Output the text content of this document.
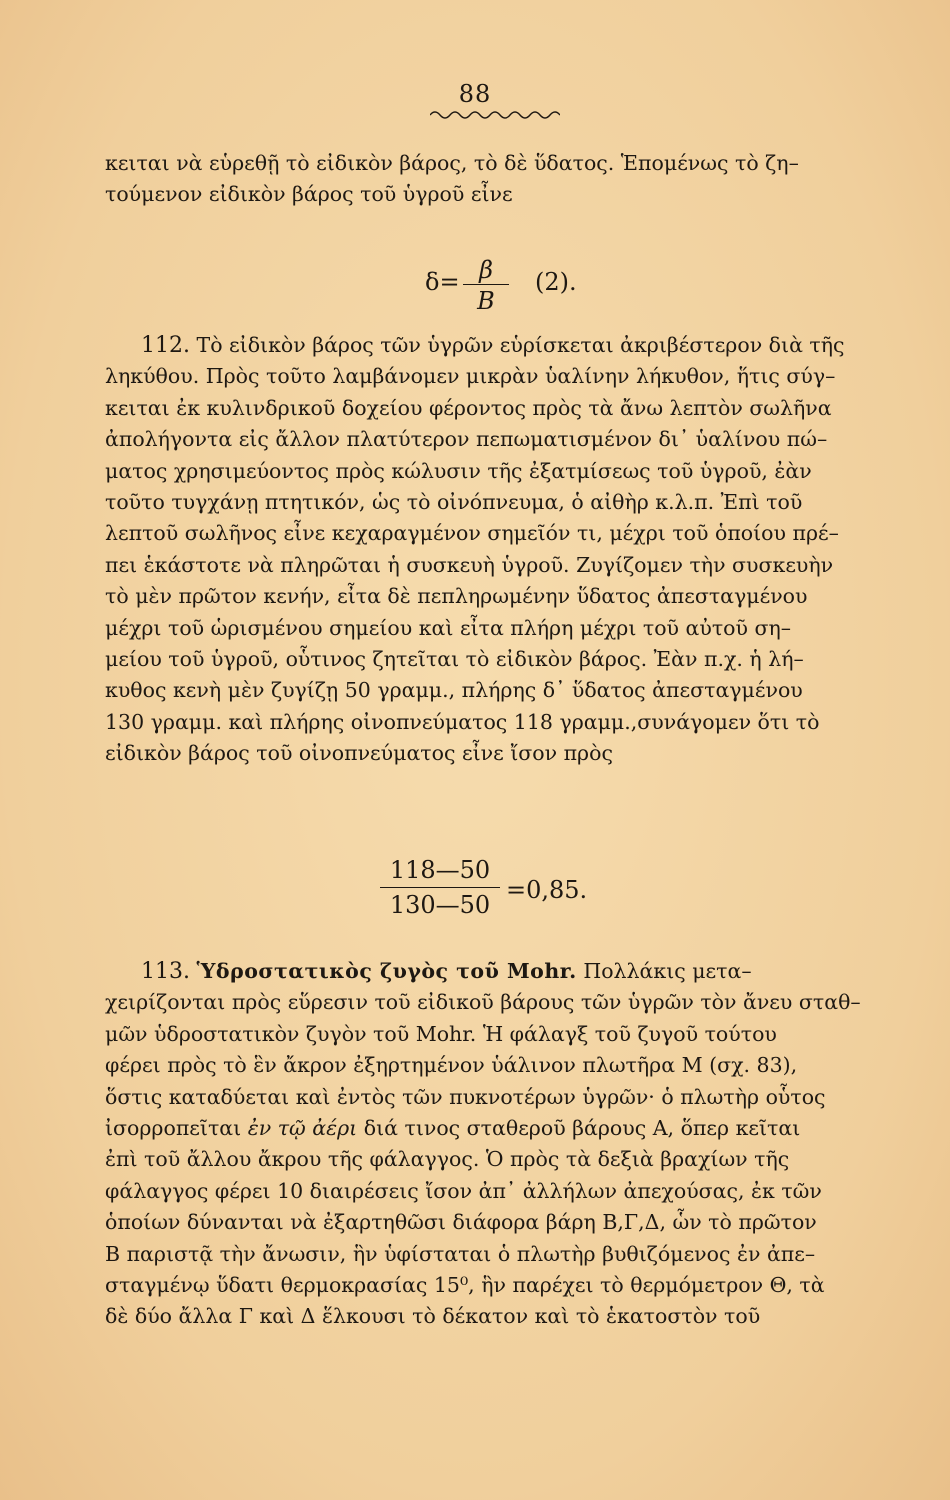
88

κειται νὰ εὑρεθῇ τὸ εἰδικὸν βάρος, τὸ δὲ ὕδατος. Ἑπομένως τὸ ζη–

τούμενον εἰδικὸν βάρος τοῦ ὑγροῦ εἶνε

δ= β
B
(2).

112. Τὸ εἰδικὸν βάρος τῶν ὑγρῶν εὑρίσκεται ἀκριβέστερον διὰ τῆς

ληκύθου. Πρὸς τοῦτο λαμβάνομεν μικρὰν ὑαλίνην λήκυθον, ἥτις σύγ–

κειται ἐκ κυλινδρικοῦ δοχείου φέροντος πρὸς τὰ ἄνω λεπτὸν σωλῆνα

ἀπολήγοντα εἰς ἄλλον πλατύτερον πεπωματισμένον δι᾽ ὑαλίνου πώ–

ματος χρησιμεύοντος πρὸς κώλυσιν τῆς ἐξατμίσεως τοῦ ὑγροῦ, ἐὰν

τοῦτο τυγχάνῃ πτητικόν, ὡς τὸ οἰνόπνευμα, ὁ αἰθὴρ κ.λ.π. Ἐπὶ τοῦ

λεπτοῦ σωλῆνος εἶνε κεχαραγμένον σημεῖόν τι, μέχρι τοῦ ὁποίου πρέ–

πει ἑκάστοτε νὰ πληρῶται ἡ συσκευὴ ὑγροῦ. Ζυγίζομεν τὴν συσκευὴν

τὸ μὲν πρῶτον κενήν, εἶτα δὲ πεπληρωμένην ὕδατος ἀπεσταγμένου

μέχρι τοῦ ὡρισμένου σημείου καὶ εἶτα πλήρη μέχρι τοῦ αὐτοῦ ση–

μείου τοῦ ὑγροῦ, οὗτινος ζητεῖται τὸ εἰδικὸν βάρος. Ἐὰν π.χ. ἡ λή–

κυθος κενὴ μὲν ζυγίζῃ 50 γραμμ., πλήρης δ᾽ ὕδατος ἀπεσταγμένου

130 γραμμ. καὶ πλήρης οἰνοπνεύματος 118 γραμμ.,συνάγομεν ὅτι τὸ

εἰδικὸν βάρος τοῦ οἰνοπνεύματος εἶνε ἴσον πρὸς

118—50
130—50
=0,85.

113. Ὑδροστατικὸς ζυγὸς τοῦ Mohr. Πολλάκις μετα–

χειρίζονται πρὸς εὕρεσιν τοῦ εἰδικοῦ βάρους τῶν ὑγρῶν τὸν ἄνευ σταθ–

μῶν ὑδροστατικὸν ζυγὸν τοῦ Mohr. Ἡ φάλαγξ τοῦ ζυγοῦ τούτου

φέρει πρὸς τὸ ἓν ἄκρον ἐξηρτημένον ὑάλινον πλωτῆρα Μ (σχ. 83),

ὅστις καταδύεται καὶ ἐντὸς τῶν πυκνοτέρων ὑγρῶν· ὁ πλωτὴρ οὗτος

ἰσορροπεῖται ἐν τῷ ἀέρι διά τινος σταθεροῦ βάρους Α, ὅπερ κεῖται

ἐπὶ τοῦ ἄλλου ἄκρου τῆς φάλαγγος. Ὁ πρὸς τὰ δεξιὰ βραχίων τῆς

φάλαγγος φέρει 10 διαιρέσεις ἴσον ἀπ᾽ ἀλλήλων ἀπεχούσας, ἐκ τῶν

ὁποίων δύνανται νὰ ἐξαρτηθῶσι διάφορα βάρη Β,Γ,Δ, ὧν τὸ πρῶτον

Β παριστᾷ τὴν ἄνωσιν, ἣν ὑφίσταται ὁ πλωτὴρ βυθιζόμενος ἐν ἀπε–

σταγμένῳ ὕδατι θερμοκρασίας 15⁰, ἣν παρέχει τὸ θερμόμετρον Θ, τὰ

δὲ δύο ἄλλα Γ καὶ Δ ἕλκουσι τὸ δέκατον καὶ τὸ ἑκατοστὸν τοῦ
